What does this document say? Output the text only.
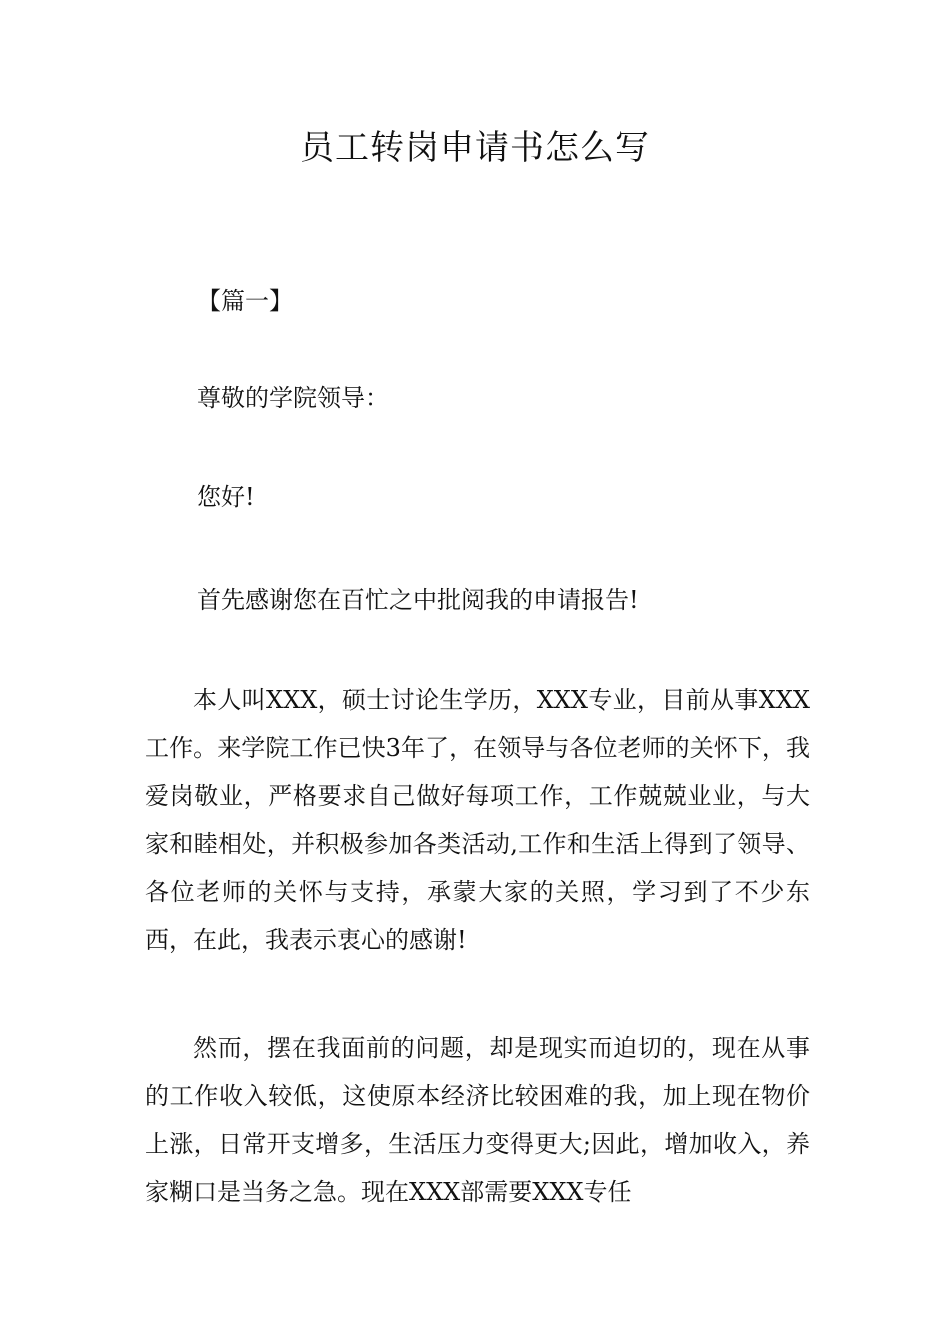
员工转岗申请书怎么写
【篇一】
尊敬的学院领导：
您好!
首先感谢您在百忙之中批阅我的申请报告!
本人叫XXX，硕士讨论生学历，XXX专业，目前从事XXX工作。来学院工作已快3年了，在领导与各位老师的关怀下，我爱岗敬业，严格要求自己做好每项工作，工作兢兢业业，与大家和睦相处，并积极参加各类活动,工作和生活上得到了领导、各位老师的关怀与支持，承蒙大家的关照，学习到了不少东西，在此，我表示衷心的感谢!
然而，摆在我面前的问题，却是现实而迫切的，现在从事的工作收入较低，这使原本经济比较困难的我，加上现在物价上涨，日常开支增多，生活压力变得更大;因此，增加收入，养家糊口是当务之急。现在XXX部需要XXX专任
